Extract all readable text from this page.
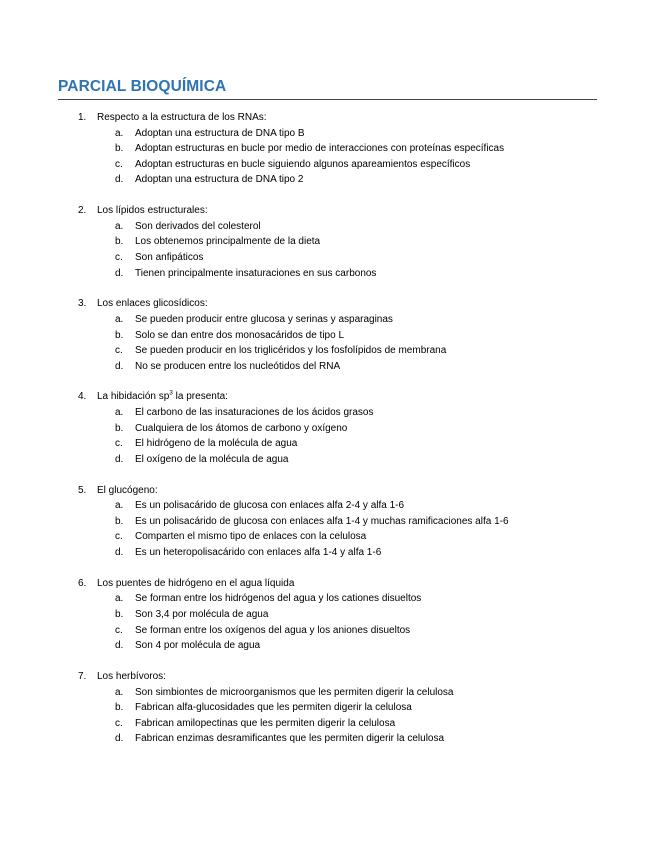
PARCIAL BIOQUÍMICA
1. Respecto a la estructura de los RNAs:
a. Adoptan una estructura de DNA tipo B
b. Adoptan estructuras en bucle por medio de interacciones con proteínas específicas
c. Adoptan estructuras en bucle siguiendo algunos apareamientos específicos
d. Adoptan una estructura de DNA tipo 2
2. Los lípidos estructurales:
a. Son derivados del colesterol
b. Los obtenemos principalmente de la dieta
c. Son anfipáticos
d. Tienen principalmente insaturaciones en sus carbonos
3. Los enlaces glicosídicos:
a. Se pueden producir entre glucosa y serinas y asparaginas
b. Solo se dan entre dos monosacáridos de tipo L
c. Se pueden producir en los triglicéridos y los fosfolípidos de membrana
d. No se producen entre los nucleótidos del RNA
4. La hibidación $sp^3$ la presenta:
a. El carbono de las insaturaciones de los ácidos grasos
b. Cualquiera de los átomos de carbono y oxígeno
c. El hidrógeno de la molécula de agua
d. El oxígeno de la molécula de agua
5. El glucógeno:
a. Es un polisacárido de glucosa con enlaces alfa 2-4 y alfa 1-6
b. Es un polisacárido de glucosa con enlaces alfa 1-4 y muchas ramificaciones alfa 1-6
c. Comparten el mismo tipo de enlaces con la celulosa
d. Es un heteropolisacárido con enlaces alfa 1-4 y alfa 1-6
6. Los puentes de hidrógeno en el agua líquida
a. Se forman entre los hidrógenos del agua y los cationes disueltos
b. Son 3,4 por molécula de agua
c. Se forman entre los oxígenos del agua y los aniones disueltos
d. Son 4 por molécula de agua
7. Los herbívoros:
a. Son simbiontes de microorganismos que les permiten digerir la celulosa
b. Fabrican alfa-glucosidades que les permiten digerir la celulosa
c. Fabrican amilopectinas que les permiten digerir la celulosa
d. Fabrican enzimas desramificantes que les permiten digerir la celulosa
